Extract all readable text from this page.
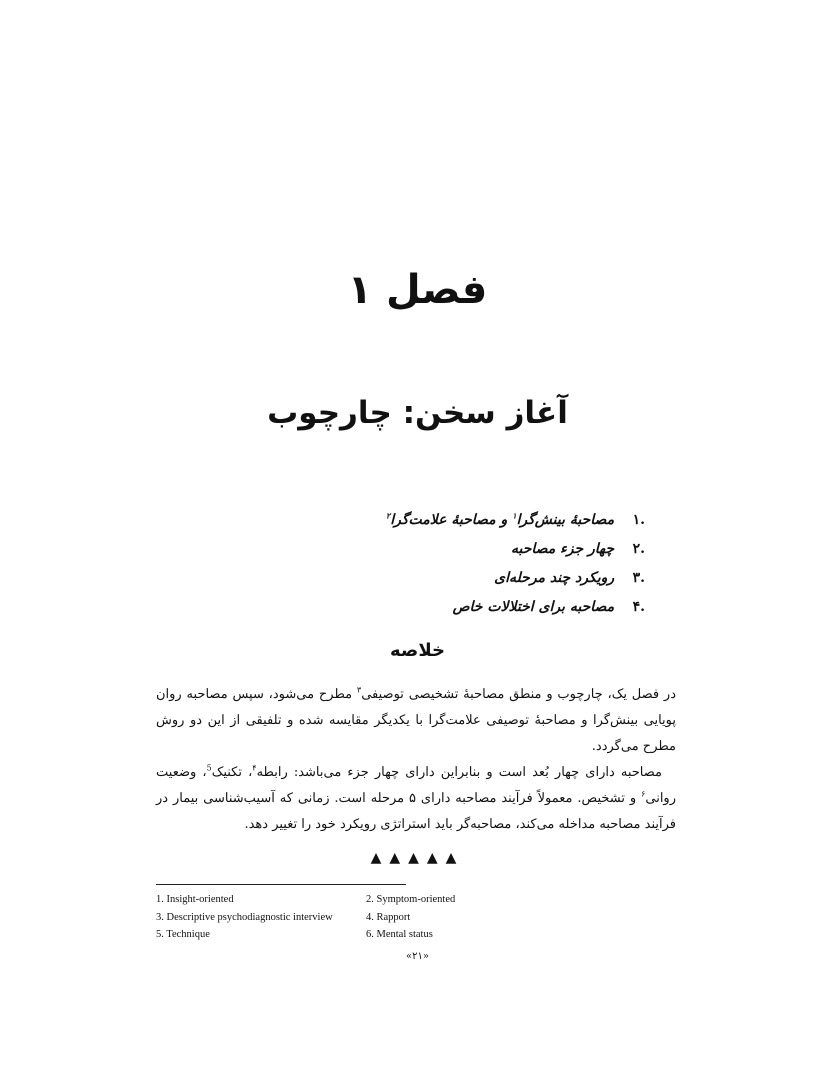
فصل ۱
آغاز سخن: چارچوب
.۱ مصاحبهٔ بینش‌گرا$^۱$ و مصاحبهٔ علامت‌گرا$^۲$
.۲ چهار جزء مصاحبه
.۳ رویکرد چند مرحله‌ای
.۴ مصاحبه برای اختلالات خاص
خلاصه

در فصل یک، چارچوب و منطق مصاحبهٔ تشخیصی توصیفی$^۳$ مطرح می‌شود، سپس مصاحبه روان پویایی بینش‌گرا و مصاحبهٔ توصیفی علامت‌گرا با یکدیگر مقایسه شده و تلفیقی از این دو روش مطرح می‌گردد.

مصاحبه دارای چهار بُعد است و بنابراین دارای چهار جزء می‌باشد: رابطه$^۴$، تکنیک$^5$، وضعیت روانی$^۶$ و تشخیص. معمولاً فرآیند مصاحبه دارای ۵ مرحله است. زمانی که آسیب‌شناسی بیمار در فرآیند مصاحبه مداخله می‌کند، مصاحبه‌گر باید استراتژی رویکرد خود را تغییر دهد.

▲▲▲▲▲
1. Insight-oriented	2. Symptom-oriented
3. Descriptive psychodiagnostic interview	4. Rapport
5. Technique	6. Mental status
«۲۱»
